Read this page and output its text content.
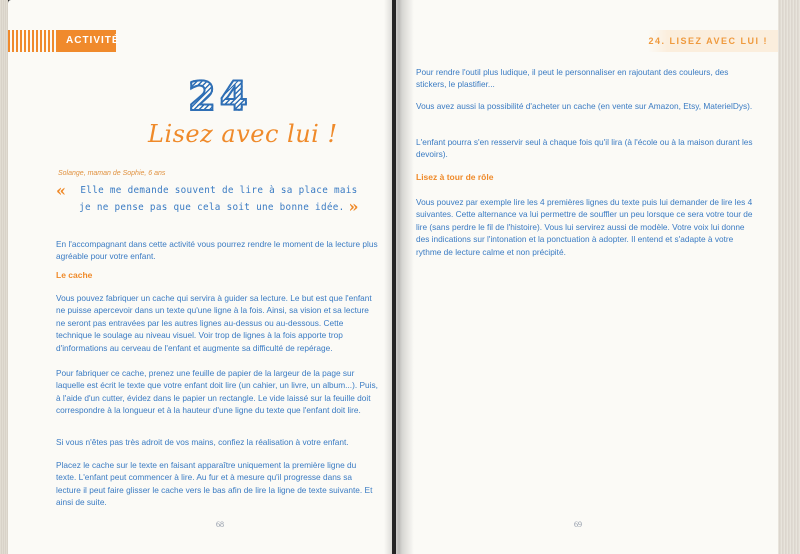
ACTIVITÉ
24
Lisez avec lui !
Solange, maman de Sophie, 6 ans
«	Elle me demande souvent de lire à sa place mais je ne pense pas que cela soit une bonne idée. »

En l'accompagnant dans cette activité vous pourrez rendre le moment de la lecture plus agréable pour votre enfant.

Le cache

Vous pouvez fabriquer un cache qui servira à guider sa lecture. Le but est que l'enfant ne puisse apercevoir dans un texte qu'une ligne à la fois. Ainsi, sa vision et sa lecture ne seront pas entravées par les autres lignes au-dessus ou au-dessous. Cette technique le soulage au niveau visuel. Voir trop de lignes à la fois apporte trop d'informations au cerveau de l'enfant et augmente sa difficulté de repérage.

Pour fabriquer ce cache, prenez une feuille de papier de la largeur de la page sur laquelle est écrit le texte que votre enfant doit lire (un cahier, un livre, un album...). Puis, à l'aide d'un cutter, évidez dans le papier un rectangle. Le vide laissé sur la feuille doit correspondre à la longueur et à la hauteur d'une ligne du texte que l'enfant doit lire.

Si vous n'êtes pas très adroit de vos mains, confiez la réalisation à votre enfant.

Placez le cache sur le texte en faisant apparaître uniquement la première ligne du texte. L'enfant peut commencer à lire. Au fur et à mesure qu'il progresse dans sa lecture il peut faire glisser le cache vers le bas afin de lire la ligne de texte suivante. Et ainsi de suite.

68
24. LISEZ AVEC LUI !

Pour rendre l'outil plus ludique, il peut le personnaliser en rajoutant des couleurs, des stickers, le plastifier...

Vous avez aussi la possibilité d'acheter un cache (en vente sur Amazon, Etsy, MaterielDys).

L'enfant pourra s'en resservir seul à chaque fois qu'il lira (à l'école ou à la maison durant les devoirs).

Lisez à tour de rôle

Vous pouvez par exemple lire les 4 premières lignes du texte puis lui demander de lire les 4 suivantes. Cette alternance va lui permettre de souffler un peu lorsque ce sera votre tour de lire (sans perdre le fil de l'histoire). Vous lui servirez aussi de modèle. Votre voix lui donne des indications sur l'intonation et la ponctuation à adopter. Il entend et s'adapte à votre rythme de lecture calme et non précipité.

69
